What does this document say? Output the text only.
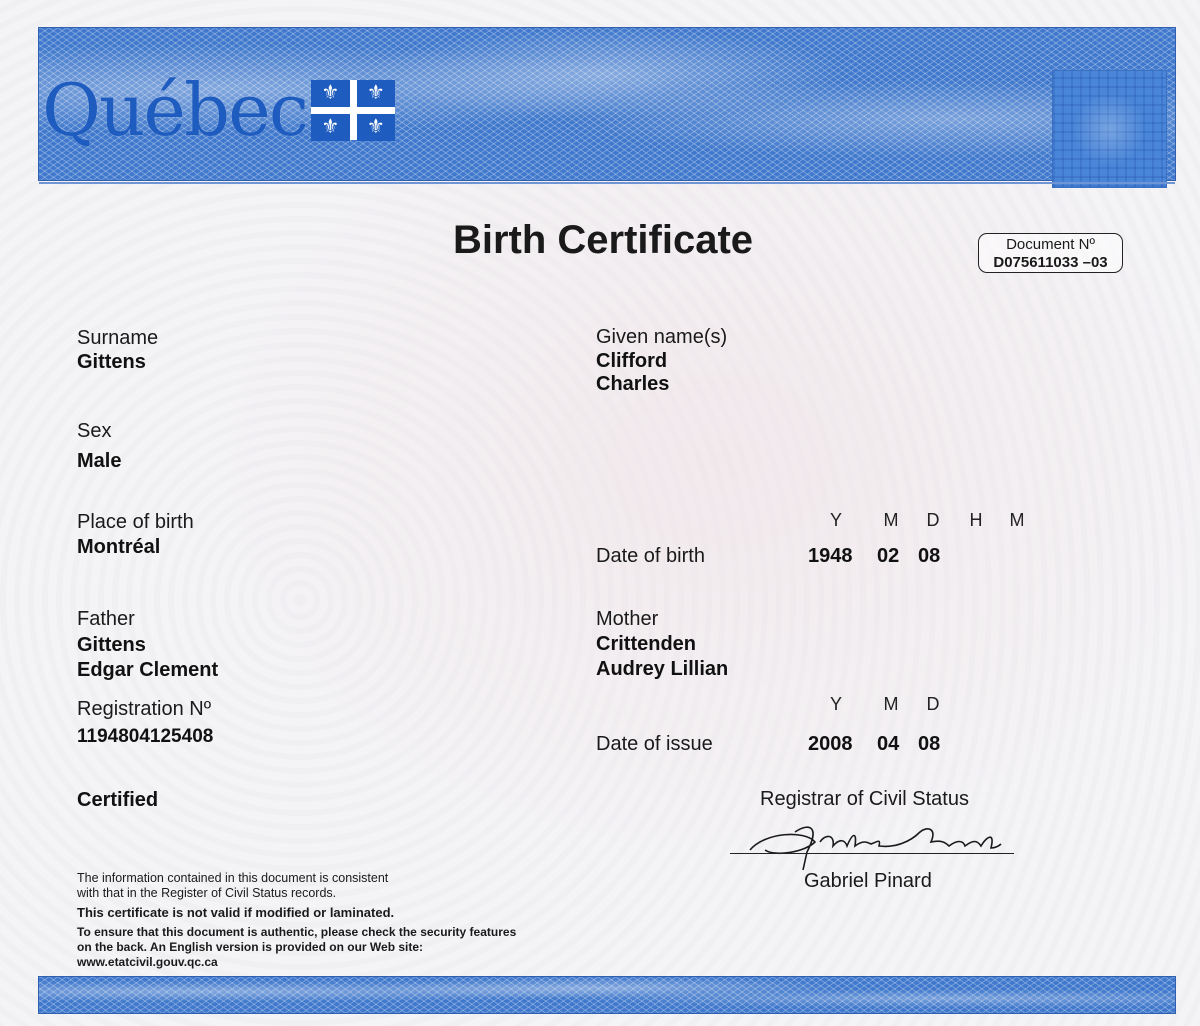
Québec ⚜	⚜
⚜	⚜
Birth Certificate	Document Nº
D075611033 –03
Surname
Gittens
Sex
Male
Place of birth
Montréal
Father
Gittens
Edgar Clement
Registration Nº
1194804125408
Certified
Given name(s)
Clifford
Charles
Y	M	D	H	M
Date of birth	1948 02 08
Mother
Crittenden
Audrey Lillian
Y	M	D
Date of issue	2008 04 08
Registrar of Civil Status
Gabriel Pinard
The information contained in this document is consistent
with that in the Register of Civil Status records.
This certificate is not valid if modified or laminated.
To ensure that this document is authentic, please check the security features
on the back. An English version is provided on our Web site:
www.etatcivil.gouv.qc.ca
